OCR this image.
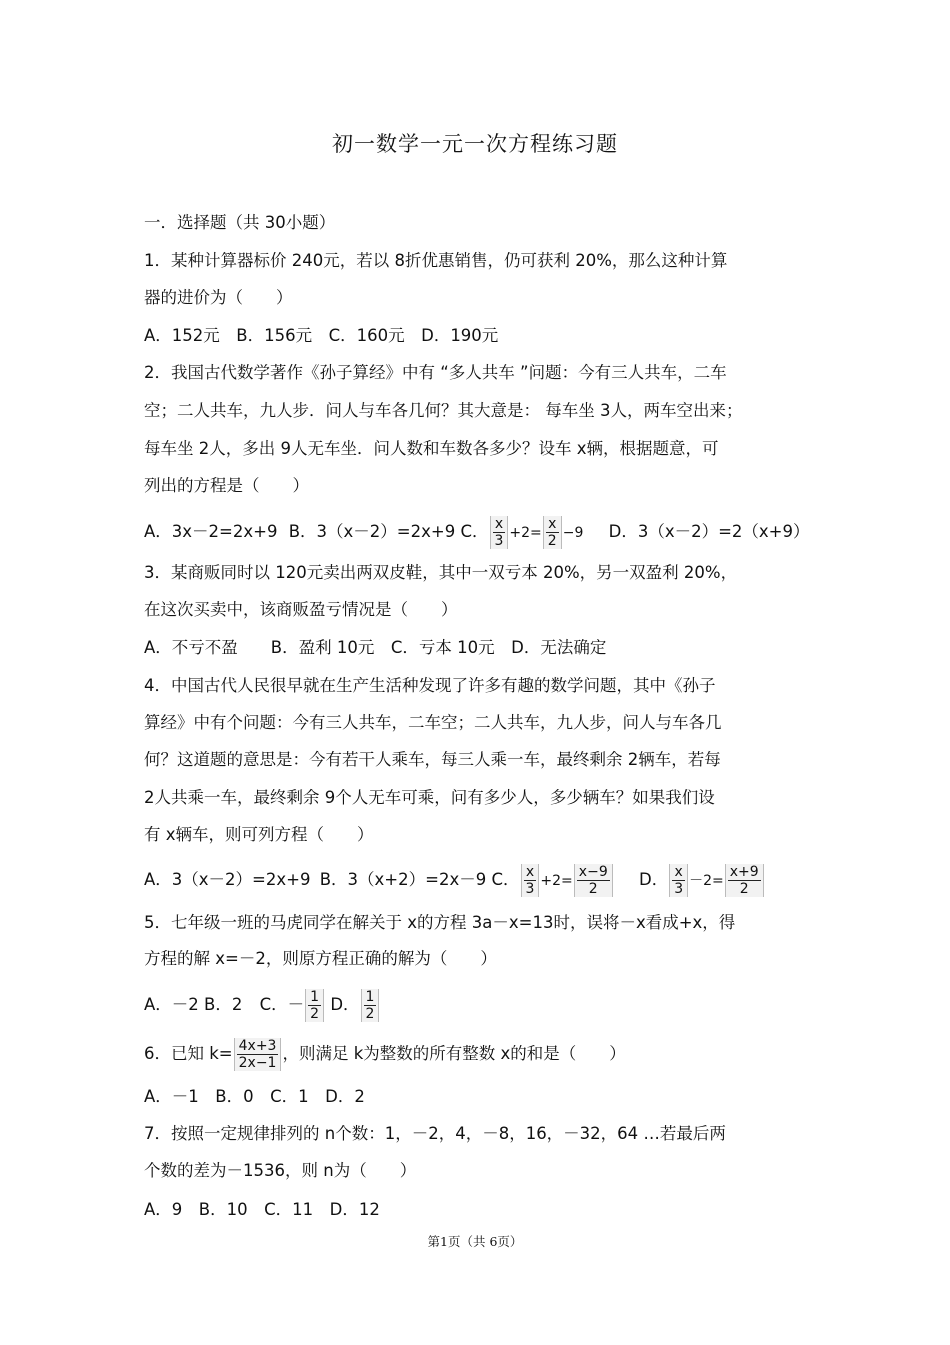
初一数学一元一次方程练习题
一．选择题（共 30小题）
1．某种计算器标价 240元，若以 8折优惠销售，仍可获利 20%，那么这种计算
器的进价为（　　）
A．152元　B．156元　C．160元　D．190元
2．我国古代数学著作《孙子算经》中有 “多人共车 ”问题：今有三人共车，二车
空；二人共车，九人步．问人与车各几何？其大意是： 每车坐 3人，两车空出来；
每车坐 2人，多出 9人无车坐．问人数和车数各多少？设车 x辆，根据题意，可
列出的方程是（　　）
A．3x－2=2x+9 B．3（x－2）=2x+9 C． $\frac{x}{3} +2= \frac{x}{2} -9$ D．3（x－2）=2（x+9）
3．某商贩同时以 120元卖出两双皮鞋，其中一双亏本 20%，另一双盈利 20%，
在这次买卖中，该商贩盈亏情况是（　　）
A．不亏不盈　　B．盈利 10元　C．亏本 10元　D．无法确定
4．中国古代人民很早就在生产生活种发现了许多有趣的数学问题，其中《孙子
算经》中有个问题：今有三人共车，二车空；二人共车，九人步，问人与车各几
何？这道题的意思是：今有若干人乘车，每三人乘一车，最终剩余 2辆车，若每
2人共乘一车，最终剩余 9个人无车可乘，问有多少人，多少辆车？如果我们设
有 x辆车，则可列方程（　　）
A．3（x－2）=2x+9 B．3（x+2）=2x－9 C． $\frac{x}{3} +2= \frac{x-9}{2}$ D． $\frac{x}{3} -2= \frac{x+9}{2}$
5．七年级一班的马虎同学在解关于 x的方程 3a－x=13时，误将－x看成+x，得
方程的解 x=－2，则原方程正确的解为（　　）
A．－2 B．2 C．－ $\frac{1}{2}$ D． $\frac{1}{2}$
6．已知 $k= \frac{4x+3}{2x-1}$ ，则满足 k为整数的所有整数 x的和是（　　）
A．－1　B．0　C．1　D．2
7．按照一定规律排列的 n个数：1，－2，4，－8，16，－32，64 …若最后两
个数的差为－1536，则 n为（　　）
A．9　B．10　C．11　D．12
第1页（共 6页）
